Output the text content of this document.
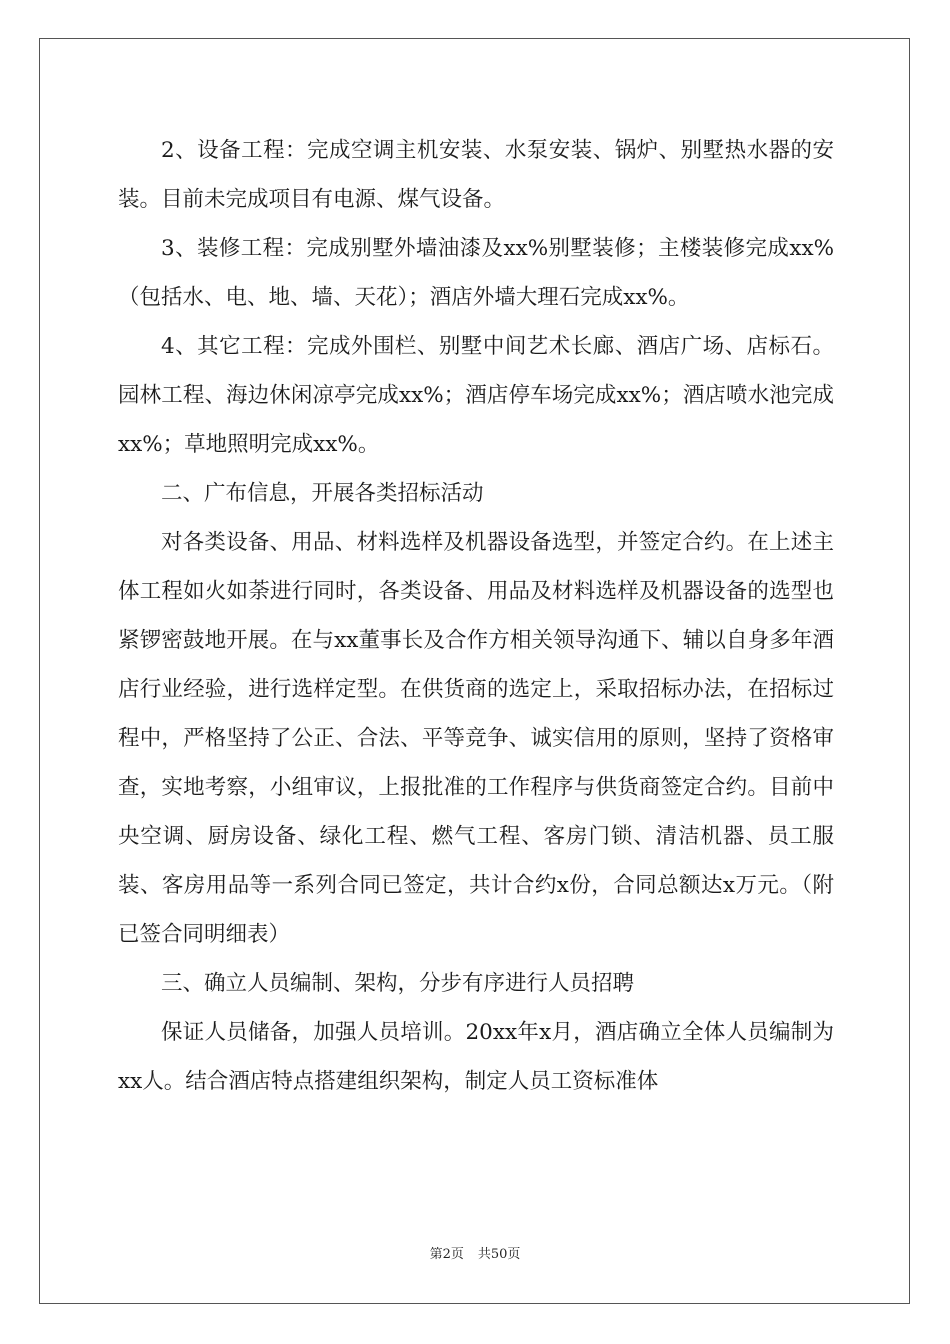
2、设备工程：完成空调主机安装、水泵安装、锅炉、别墅热水器的安装。目前未完成项目有电源、煤气设备。

3、装修工程：完成别墅外墙油漆及xx%别墅装修；主楼装修完成xx%（包括水、电、地、墙、天花）；酒店外墙大理石完成xx%。

4、其它工程：完成外围栏、别墅中间艺术长廊、酒店广场、店标石。园林工程、海边休闲凉亭完成xx%；酒店停车场完成xx%；酒店喷水池完成xx%；草地照明完成xx%。

二、广布信息，开展各类招标活动

对各类设备、用品、材料选样及机器设备选型，并签定合约。在上述主体工程如火如荼进行同时，各类设备、用品及材料选样及机器设备的选型也紧锣密鼓地开展。在与xx董事长及合作方相关领导沟通下、辅以自身多年酒店行业经验，进行选样定型。在供货商的选定上，采取招标办法，在招标过程中，严格坚持了公正、合法、平等竞争、诚实信用的原则，坚持了资格审查，实地考察，小组审议，上报批准的工作程序与供货商签定合约。目前中央空调、厨房设备、绿化工程、燃气工程、客房门锁、清洁机器、员工服装、客房用品等一系列合同已签定，共计合约x份，合同总额达x万元。（附已签合同明细表）

三、确立人员编制、架构，分步有序进行人员招聘

保证人员储备，加强人员培训。20xx年x月，酒店确立全体人员编制为xx人。结合酒店特点搭建组织架构，制定人员工资标准体

第2页 共50页
